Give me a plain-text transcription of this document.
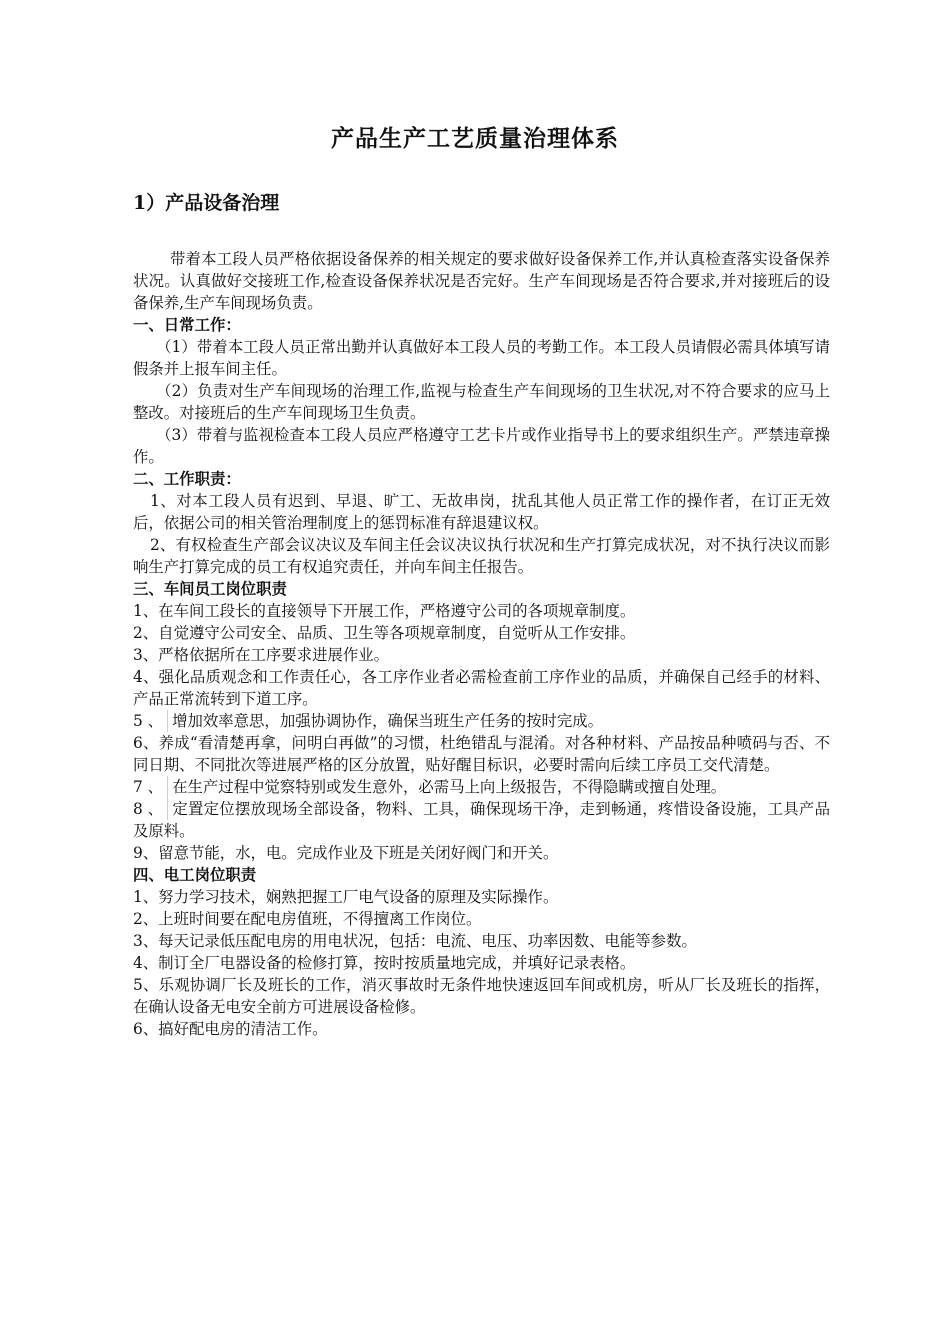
产品生产工艺质量治理体系
1）产品设备治理

带着本工段人员严格依据设备保养的相关规定的要求做好设备保养工作,并认真检查落实设备保养状况。认真做好交接班工作,检查设备保养状况是否完好。生产车间现场是否符合要求,并对接班后的设备保养,生产车间现场负责。

一、日常工作：

（1）带着本工段人员正常出勤并认真做好本工段人员的考勤工作。本工段人员请假必需具体填写请假条并上报车间主任。

（2）负责对生产车间现场的治理工作,监视与检查生产车间现场的卫生状况,对不符合要求的应马上整改。对接班后的生产车间现场卫生负责。

（3）带着与监视检查本工段人员应严格遵守工艺卡片或作业指导书上的要求组织生产。严禁违章操作。

二、工作职责：

1、对本工段人员有迟到、早退、旷工、无故串岗，扰乱其他人员正常工作的操作者，在订正无效后，依据公司的相关管治理制度上的惩罚标准有辞退建议权。

2、有权检查生产部会议决议及车间主任会议决议执行状况和生产打算完成状况，对不执行决议而影响生产打算完成的员工有权追究责任，并向车间主任报告。

三、车间员工岗位职责

1、在车间工段长的直接领导下开展工作，严格遵守公司的各项规章制度。

2、自觉遵守公司安全、品质、卫生等各项规章制度，自觉听从工作安排。

3、严格依据所在工序要求进展作业。

4、强化品质观念和工作责任心，各工序作业者必需检查前工序作业的品质，并确保自己经手的材料、产品正常流转到下道工序。

5 、 增加效率意思，加强协调协作，确保当班生产任务的按时完成。

6、养成“看清楚再拿，问明白再做”的习惯，杜绝错乱与混淆。对各种材料、产品按品种喷码与否、不同日期、不同批次等进展严格的区分放置，贴好醒目标识，必要时需向后续工序员工交代清楚。

7 、 在生产过程中觉察特别或发生意外，必需马上向上级报告，不得隐瞒或擅自处理。

8 、 定置定位摆放现场全部设备，物料、工具，确保现场干净，走到畅通，疼惜设备设施，工具产品及原料。

9、留意节能，水，电。完成作业及下班是关闭好阀门和开关。

四、电工岗位职责

1、努力学习技术，娴熟把握工厂电气设备的原理及实际操作。

2、上班时间要在配电房值班，不得擅离工作岗位。

3、每天记录低压配电房的用电状况，包括：电流、电压、功率因数、电能等参数。

4、制订全厂电器设备的检修打算，按时按质量地完成，并填好记录表格。

5、乐观协调厂长及班长的工作，消灭事故时无条件地快速返回车间或机房，听从厂长及班长的指挥，在确认设备无电安全前方可进展设备检修。

6、搞好配电房的清洁工作。
